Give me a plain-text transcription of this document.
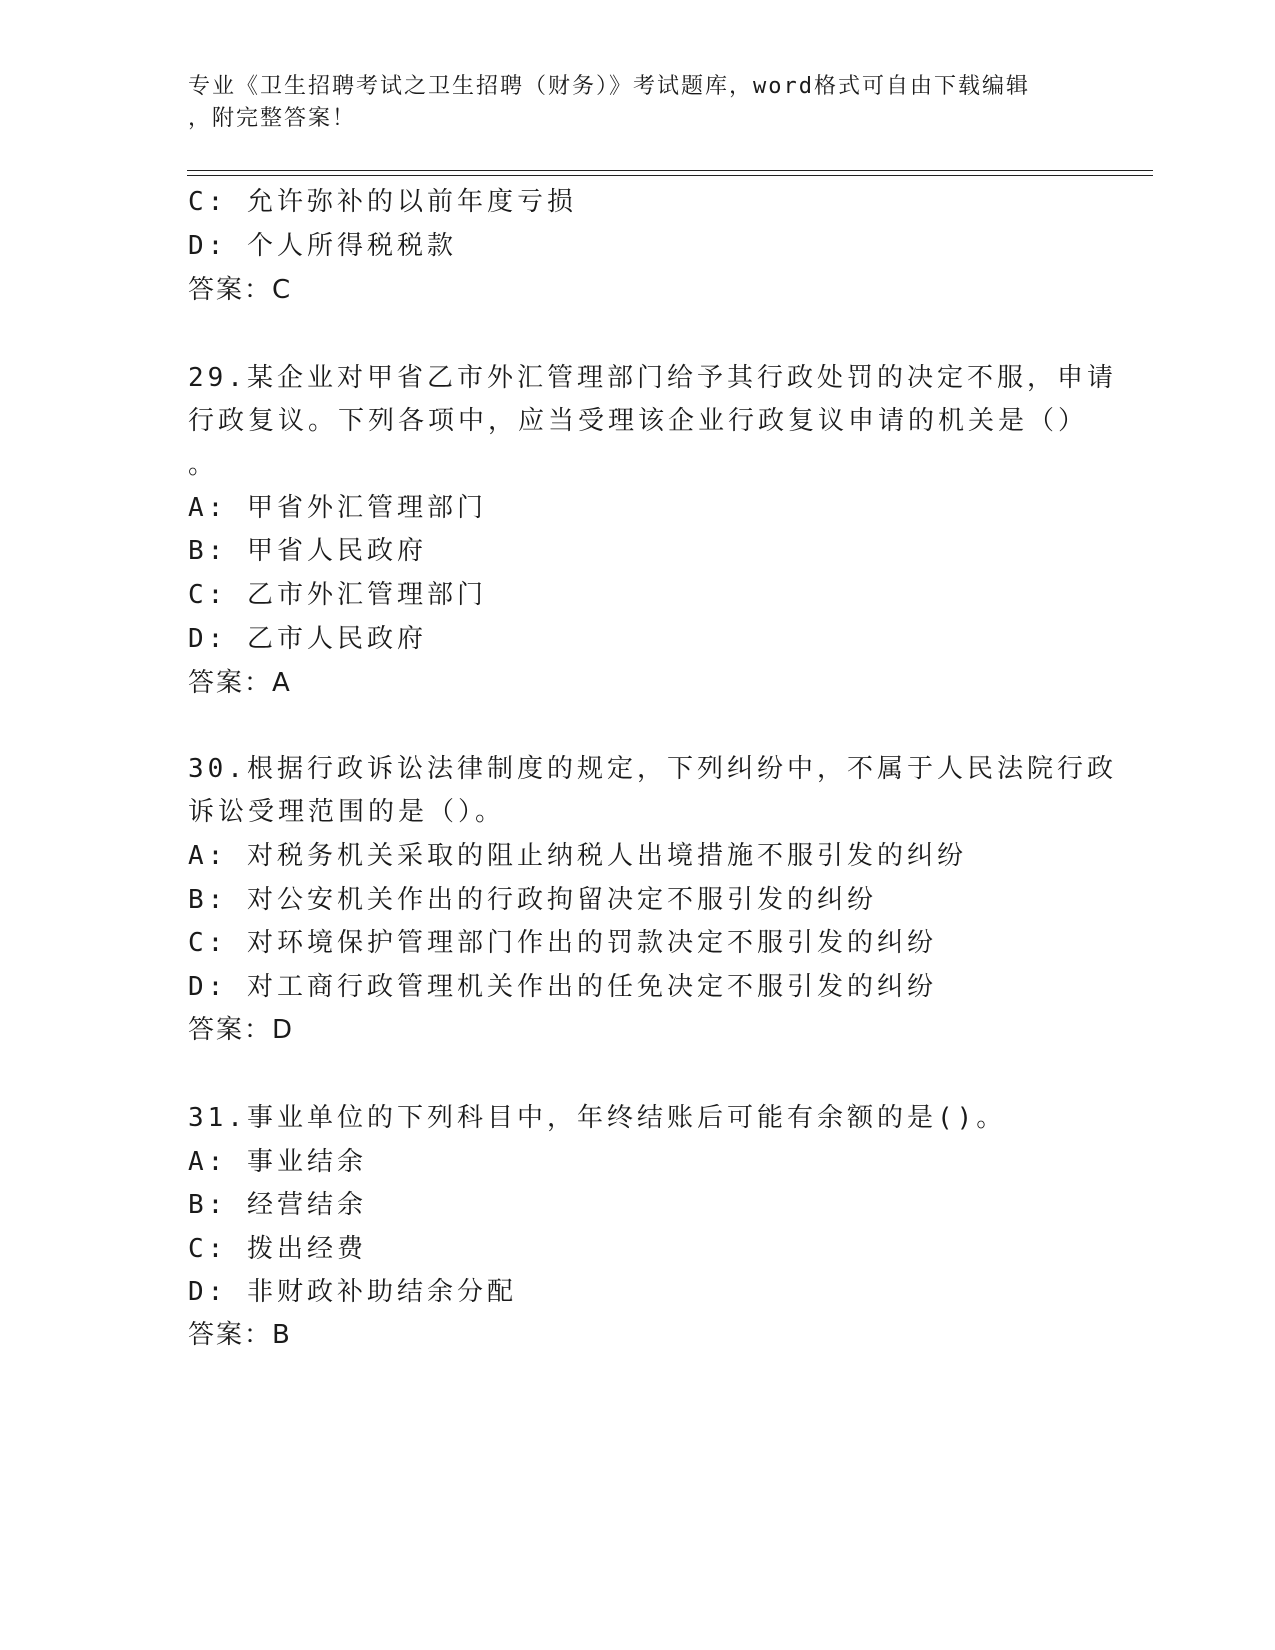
专业《卫生招聘考试之卫生招聘（财务）》考试题库，word格式可自由下载编辑
，附完整答案！
C: 允许弥补的以前年度亏损
D: 个人所得税税款
答案：C
29.某企业对甲省乙市外汇管理部门给予其行政处罚的决定不服，申请
行政复议。下列各项中，应当受理该企业行政复议申请的机关是（）
。
A: 甲省外汇管理部门
B: 甲省人民政府
C: 乙市外汇管理部门
D: 乙市人民政府
答案：A
30.根据行政诉讼法律制度的规定，下列纠纷中，不属于人民法院行政
诉讼受理范围的是（）。
A: 对税务机关采取的阻止纳税人出境措施不服引发的纠纷
B: 对公安机关作出的行政拘留决定不服引发的纠纷
C: 对环境保护管理部门作出的罚款决定不服引发的纠纷
D: 对工商行政管理机关作出的任免决定不服引发的纠纷
答案：D
31.事业单位的下列科目中，年终结账后可能有余额的是()。
A: 事业结余
B: 经营结余
C: 拨出经费
D: 非财政补助结余分配
答案：B
